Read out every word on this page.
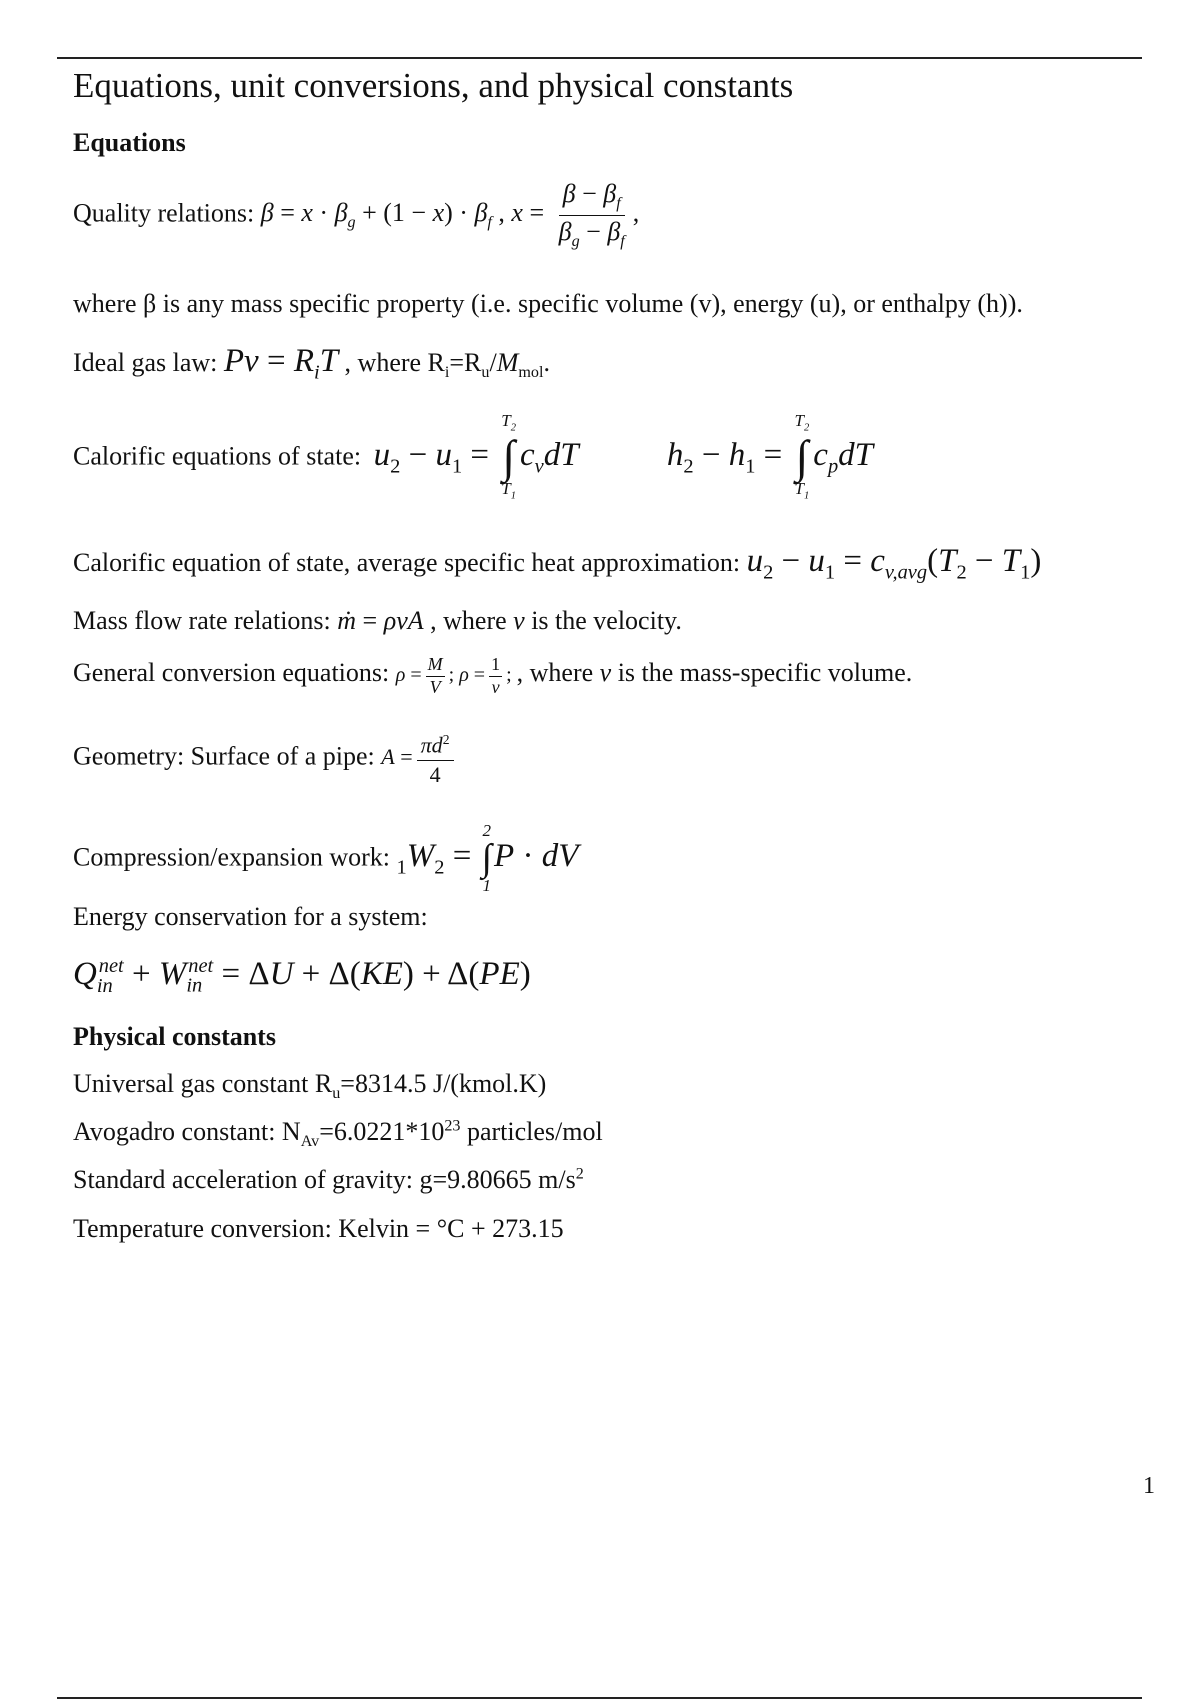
Equations, unit conversions, and physical constants
Equations
Quality relations: $\beta = x \cdot \beta_g + (1 - x) \cdot \beta_f$ , $x = \frac{\beta - \beta_f}{\beta_g - \beta_f}$ ,
where β is any mass specific property (i.e. specific volume (v), energy (u), or enthalpy (h)).
Ideal gas law: $Pv = R_iT$ , where $R_i=R_u/M_{mol}$.
Calorific equations of state: $u_2 - u_1$ =
$T_2$
∫
$T_1$
$c_vdT$	$h_2 - h_1$ =
$T_2$
∫
$T_1$
$c_pdT$
Calorific equation of state, average specific heat approximation: $u_2 - u_1 = c_{v,avg}(T_2 - T_1)$
Mass flow rate relations: ṁ = ρvA , where v is the velocity.
General conversion equations: $\rho = \frac{M}{V}$ ; $\rho = \frac{1}{v}$ ; , where v is the mass-specific volume.
Geometry: Surface of a pipe: $A = \frac{\pi d^2}{4}$
Compression/expansion work: $_1W_2$ =
2
∫
1
P · dV
Energy conservation for a system:
$Q_{in}^{net} + W_{in}^{net} = \Delta U + \Delta(KE) + \Delta(PE)$
Physical constants
Universal gas constant $R_u=8314.5$ J/(kmol.K)
Avogadro constant: $N_{Av}=6.0221*10^{23}$ particles/mol
Standard acceleration of gravity: g=9.80665 $m/s^2$
Temperature conversion: Kelvin = °C + 273.15
1
